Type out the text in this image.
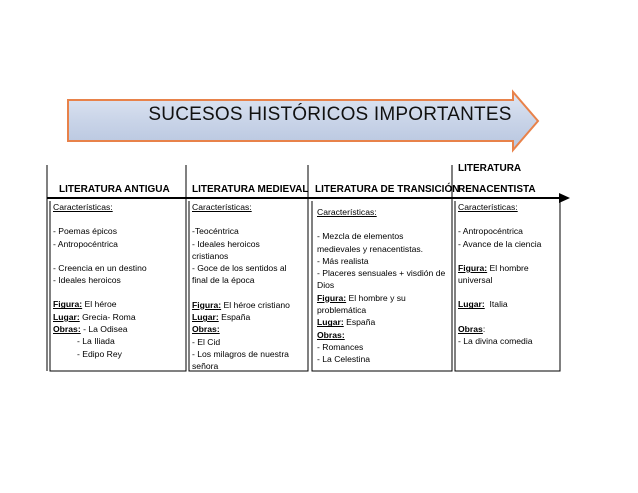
SUCESOS HISTÓRICOS IMPORTANTES
LITERATURA ANTIGUA LITERATURA MEDIEVAL LITERATURA DE TRANSICIÓN
LITERATURA
RENACENTISTA
Características:
- Poemas épicos
- Antropocéntrica
- Creencia en un destino
- Ideales heroicos
Figura: El héroe
Lugar: Grecia- Roma
Obras: - La Odisea
- La Iliada
- Edipo Rey
Características:
-Teocéntrica
- Ideales heroicos
cristianos
- Goce de los sentidos al
final de la época
Figura: El héroe cristiano
Lugar: España
Obras:
- El Cid
- Los milagros de nuestra
señora
Características:
- Mezcla de elementos
medievales y renacentistas.
- Más realista
- Placeres sensuales + visdión de
Dios
Figura: El hombre y su
problemática
Lugar: España
Obras:
- Romances
- La Celestina
Características:
- Antropocéntrica
- Avance de la ciencia
Figura: El hombre
universal
Lugar: Italia
Obras:
- La divina comedia
